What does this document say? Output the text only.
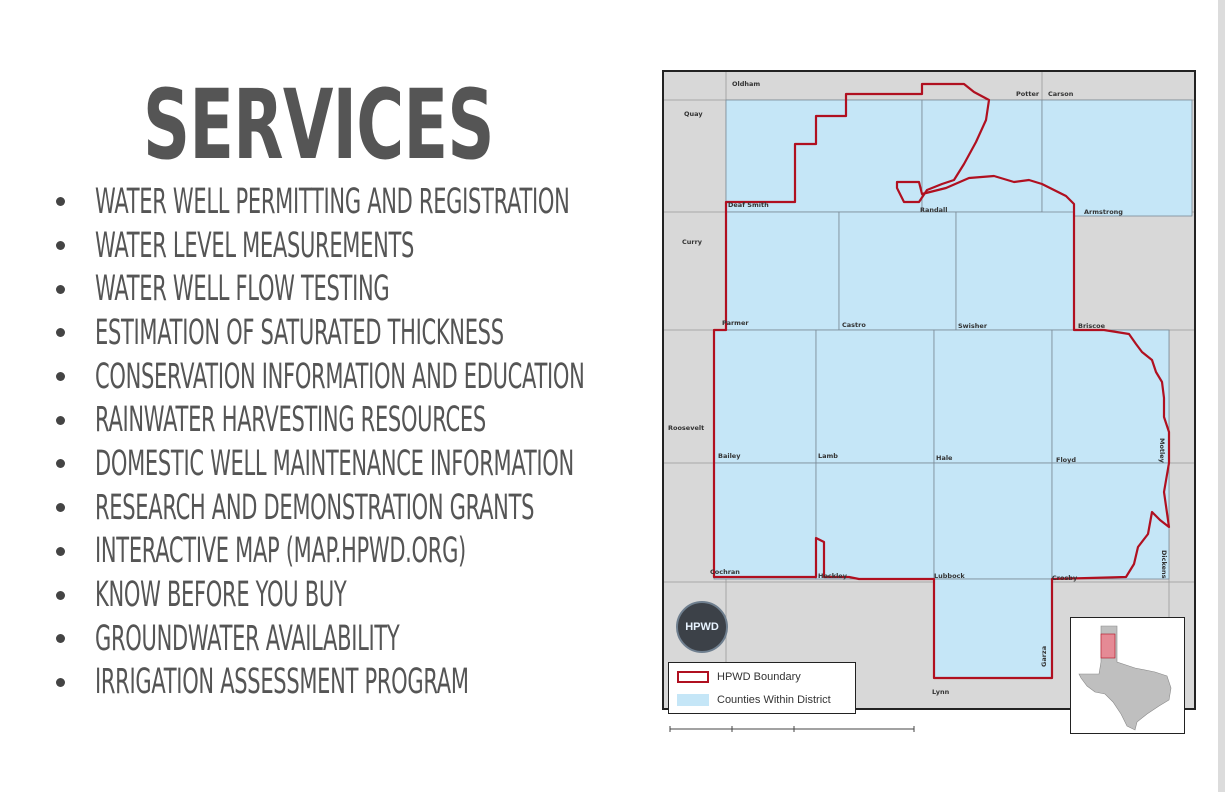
SERVICES
WATER WELL PERMITTING AND REGISTRATION
WATER LEVEL MEASUREMENTS
WATER WELL FLOW TESTING
ESTIMATION OF SATURATED THICKNESS
CONSERVATION INFORMATION AND EDUCATION
RAINWATER HARVESTING RESOURCES
DOMESTIC WELL MAINTENANCE INFORMATION
RESEARCH AND DEMONSTRATION GRANTS
INTERACTIVE MAP (MAP.HPWD.ORG)
KNOW BEFORE YOU BUY
GROUNDWATER AVAILABILITY
IRRIGATION ASSESSMENT PROGRAM
Oldham
Potter Carson
Quay
Curry
Deaf Smith
Randall	Armstrong
Parmer	Castro	Swisher	Briscoe
Roosevelt
Bailey	Lamb	Hale	Floyd	Motley
Cochran	Hockley	Lubbock	Crosby	Dickens
Lynn
Garza
HPWD
HPWD Boundary
Counties Within District
